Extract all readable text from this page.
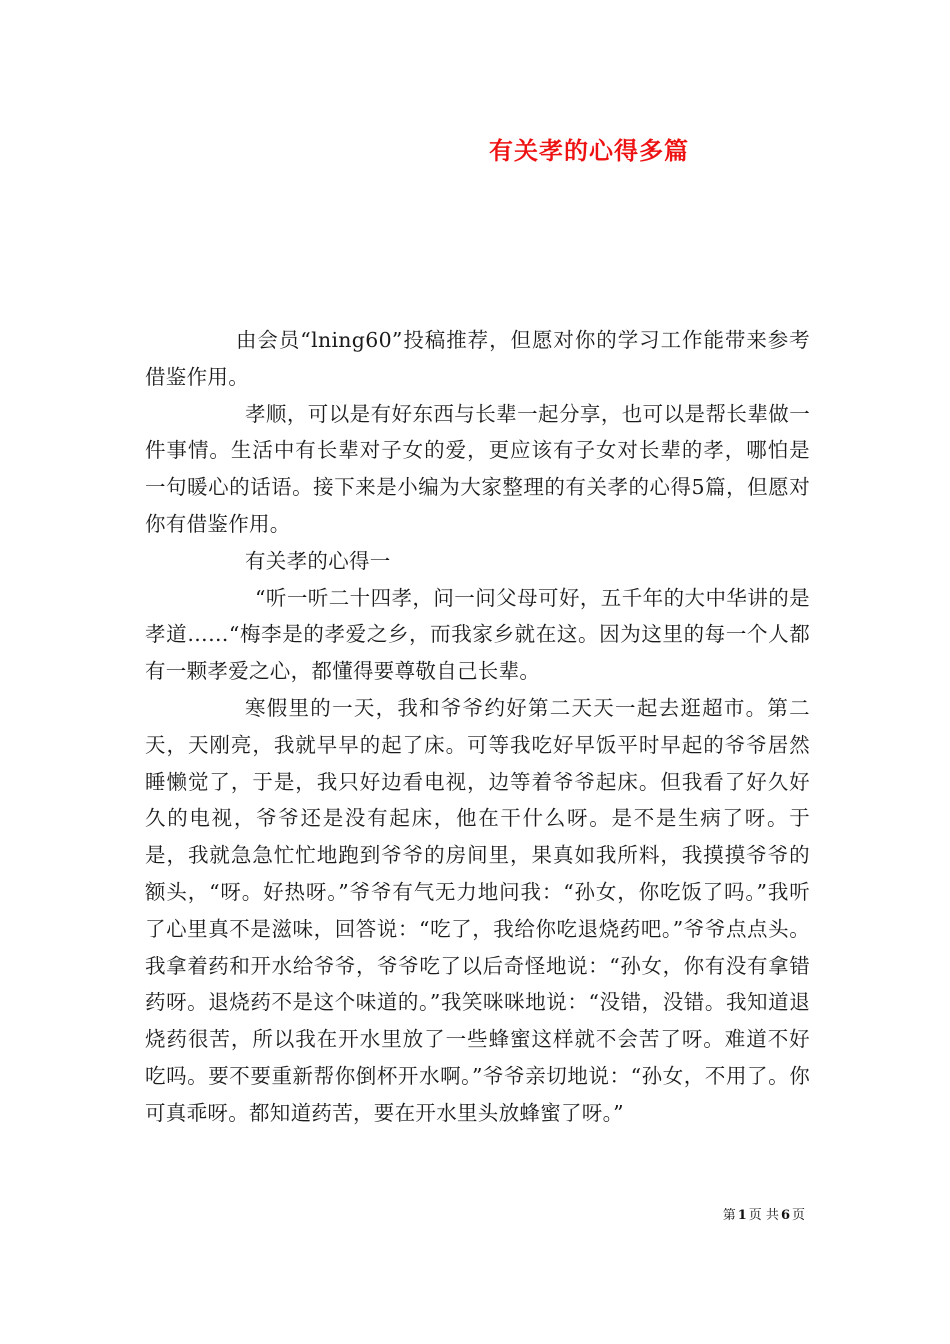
有关孝的心得多篇

由会员“lning60”投稿推荐，但愿对你的学习工作能带来参考借鉴作用。

孝顺，可以是有好东西与长辈一起分享，也可以是帮长辈做一件事情。生活中有长辈对子女的爱，更应该有子女对长辈的孝，哪怕是一句暖心的话语。接下来是小编为大家整理的有关孝的心得5篇，但愿对你有借鉴作用。

有关孝的心得一

“听一听二十四孝，问一问父母可好，五千年的大中华讲的是孝道……“梅李是的孝爱之乡，而我家乡就在这。因为这里的每一个人都有一颗孝爱之心，都懂得要尊敬自己长辈。

寒假里的一天，我和爷爷约好第二天天一起去逛超市。第二天，天刚亮，我就早早的起了床。可等我吃好早饭平时早起的爷爷居然睡懒觉了，于是，我只好边看电视，边等着爷爷起床。但我看了好久好久的电视，爷爷还是没有起床，他在干什么呀。是不是生病了呀。于是，我就急急忙忙地跑到爷爷的房间里，果真如我所料，我摸摸爷爷的额头，“呀。好热呀。”爷爷有气无力地问我：“孙女，你吃饭了吗。”我听了心里真不是滋味，回答说：“吃了，我给你吃退烧药吧。”爷爷点点头。我拿着药和开水给爷爷，爷爷吃了以后奇怪地说：“孙女，你有没有拿错药呀。退烧药不是这个味道的。”我笑咪咪地说：“没错，没错。我知道退烧药很苦，所以我在开水里放了一些蜂蜜这样就不会苦了呀。难道不好吃吗。要不要重新帮你倒杯开水啊。”爷爷亲切地说：“孙女，不用了。你可真乖呀。都知道药苦，要在开水里头放蜂蜜了呀。”

第 1 页 共 6 页
